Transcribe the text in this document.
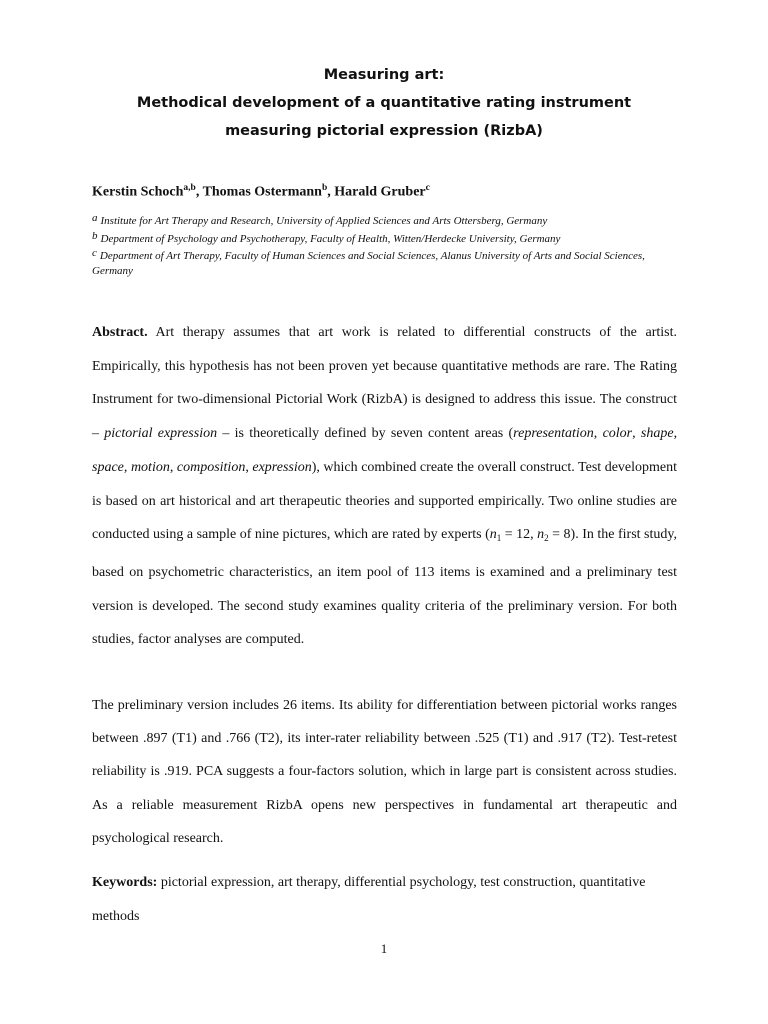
Measuring art:
Methodical development of a quantitative rating instrument
measuring pictorial expression (RizbA)
Kerstin Schoch$^{a,b}$, Thomas Ostermann$^b$, Harald Gruber$^c$
$^a$ Institute for Art Therapy and Research, University of Applied Sciences and Arts Ottersberg, Germany
$^b$ Department of Psychology and Psychotherapy, Faculty of Health, Witten/Herdecke University, Germany
$^c$ Department of Art Therapy, Faculty of Human Sciences and Social Sciences, Alanus University of Arts and Social Sciences, Germany
Abstract. Art therapy assumes that art work is related to differential constructs of the artist. Empirically, this hypothesis has not been proven yet because quantitative methods are rare. The Rating Instrument for two-dimensional Pictorial Work (RizbA) is designed to address this issue. The construct – pictorial expression – is theoretically defined by seven content areas (representation, color, shape, space, motion, composition, expression), which combined create the overall construct. Test development is based on art historical and art therapeutic theories and supported empirically. Two online studies are conducted using a sample of nine pictures, which are rated by experts ($n_1 = 12$, $n_2 = 8$). In the first study, based on psychometric characteristics, an item pool of 113 items is examined and a preliminary test version is developed. The second study examines quality criteria of the preliminary version. For both studies, factor analyses are computed.
The preliminary version includes 26 items. Its ability for differentiation between pictorial works ranges between .897 (T1) and .766 (T2), its inter-rater reliability between .525 (T1) and .917 (T2). Test-retest reliability is .919. PCA suggests a four-factors solution, which in large part is consistent across studies. As a reliable measurement RizbA opens new perspectives in fundamental art therapeutic and psychological research.
Keywords: pictorial expression, art therapy, differential psychology, test construction, quantitative methods
1
